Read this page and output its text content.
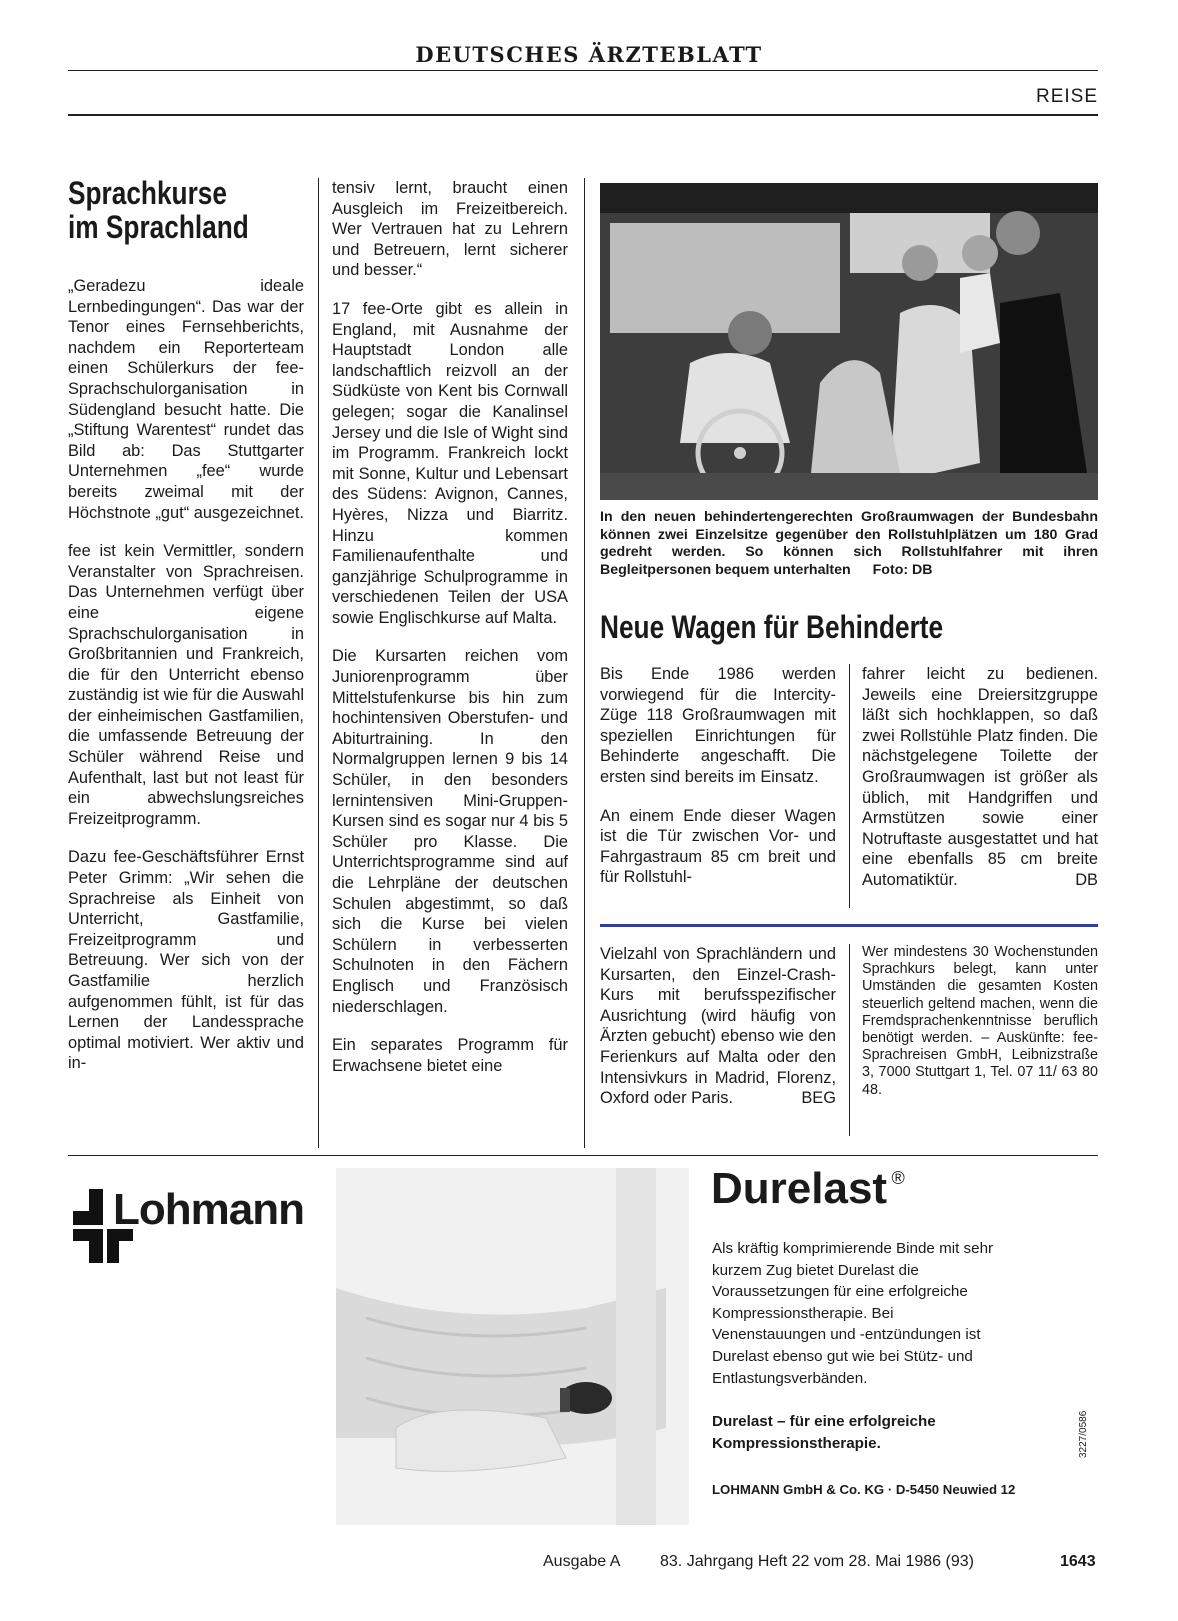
DEUTSCHES ÄRZTEBLATT
REISE
Sprachkurse
im Sprachland

„Geradezu ideale Lernbedingungen“. Das war der Tenor eines Fernsehberichts, nachdem ein Reporterteam einen Schülerkurs der fee-Sprachschulorganisation in Südengland besucht hatte. Die „Stiftung Warentest“ rundet das Bild ab: Das Stuttgarter Unternehmen „fee“ wurde bereits zweimal mit der Höchstnote „gut“ ausgezeichnet.

fee ist kein Vermittler, sondern Veranstalter von Sprachreisen. Das Unternehmen verfügt über eine eigene Sprachschulorganisation in Großbritannien und Frankreich, die für den Unterricht ebenso zuständig ist wie für die Auswahl der einheimischen Gastfamilien, die umfassende Betreuung der Schüler während Reise und Aufenthalt, last but not least für ein abwechslungsreiches Freizeitprogramm.

Dazu fee-Geschäftsführer Ernst Peter Grimm: „Wir sehen die Sprachreise als Einheit von Unterricht, Gastfamilie, Freizeitprogramm und Betreuung. Wer sich von der Gastfamilie herzlich aufgenommen fühlt, ist für das Lernen der Landessprache optimal motiviert. Wer aktiv und in-

tensiv lernt, braucht einen Ausgleich im Freizeitbereich. Wer Vertrauen hat zu Lehrern und Betreuern, lernt sicherer und besser.“

17 fee-Orte gibt es allein in England, mit Ausnahme der Hauptstadt London alle landschaftlich reizvoll an der Südküste von Kent bis Cornwall gelegen; sogar die Kanalinsel Jersey und die Isle of Wight sind im Programm. Frankreich lockt mit Sonne, Kultur und Lebensart des Südens: Avignon, Cannes, Hyères, Nizza und Biarritz. Hinzu kommen Familienaufenthalte und ganzjährige Schulprogramme in verschiedenen Teilen der USA sowie Englischkurse auf Malta.

Die Kursarten reichen vom Juniorenprogramm über Mittelstufenkurse bis hin zum hochintensiven Oberstufen- und Abiturtraining. In den Normalgruppen lernen 9 bis 14 Schüler, in den besonders lernintensiven Mini-Gruppen-Kursen sind es sogar nur 4 bis 5 Schüler pro Klasse. Die Unterrichtsprogramme sind auf die Lehrpläne der deutschen Schulen abgestimmt, so daß sich die Kurse bei vielen Schülern in verbesserten Schulnoten in den Fächern Englisch und Französisch niederschlagen.

Ein separates Programm für Erwachsene bietet eine

In den neuen behindertengerechten Großraumwagen der Bundesbahn können zwei Einzelsitze gegenüber den Rollstuhlplätzen um 180 Grad gedreht werden. So können sich Rollstuhlfahrer mit ihren Begleitpersonen bequem unterhalten Foto: DB
Neue Wagen für Behinderte

Bis Ende 1986 werden vorwiegend für die Intercity-Züge 118 Großraumwagen mit speziellen Einrichtungen für Behinderte angeschafft. Die ersten sind bereits im Einsatz.

An einem Ende dieser Wagen ist die Tür zwischen Vor- und Fahrgastraum 85 cm breit und für Rollstuhl-

fahrer leicht zu bedienen. Jeweils eine Dreiersitzgruppe läßt sich hochklappen, so daß zwei Rollstühle Platz finden. Die nächstgelegene Toilette der Großraumwagen ist größer als üblich, mit Handgriffen und Armstützen sowie einer Notruftaste ausgestattet und hat eine ebenfalls 85 cm breite Automatiktür.	DB
Vielzahl von Sprachländern und Kursarten, den Einzel-Crash-Kurs mit berufsspezifischer Ausrichtung (wird häufig von Ärzten gebucht) ebenso wie den Ferienkurs auf Malta oder den Intensivkurs in Madrid, Florenz, Oxford oder Paris.	BEG
Wer mindestens 30 Wochenstunden Sprachkurs belegt, kann unter Umständen die gesamten Kosten steuerlich geltend machen, wenn die Fremdsprachenkenntnisse beruflich benötigt werden. – Auskünfte: fee-Sprachreisen GmbH, Leibnizstraße 3, 7000 Stuttgart 1, Tel. 07 11/ 63 80 48.
Lohmann	Durelast ®
Als kräftig komprimierende Binde mit sehr kurzem Zug bietet Durelast die Voraussetzungen für eine erfolgreiche Kompressionstherapie. Bei Venenstauungen und -entzündungen ist Durelast ebenso gut wie bei Stütz- und Entlastungsverbänden.
Durelast – für eine erfolgreiche Kompressionstherapie.
LOHMANN GmbH & Co. KG · D-5450 Neuwied 12
3227/0586
Ausgabe A 83. Jahrgang Heft 22 vom 28. Mai 1986 (93)	1643
